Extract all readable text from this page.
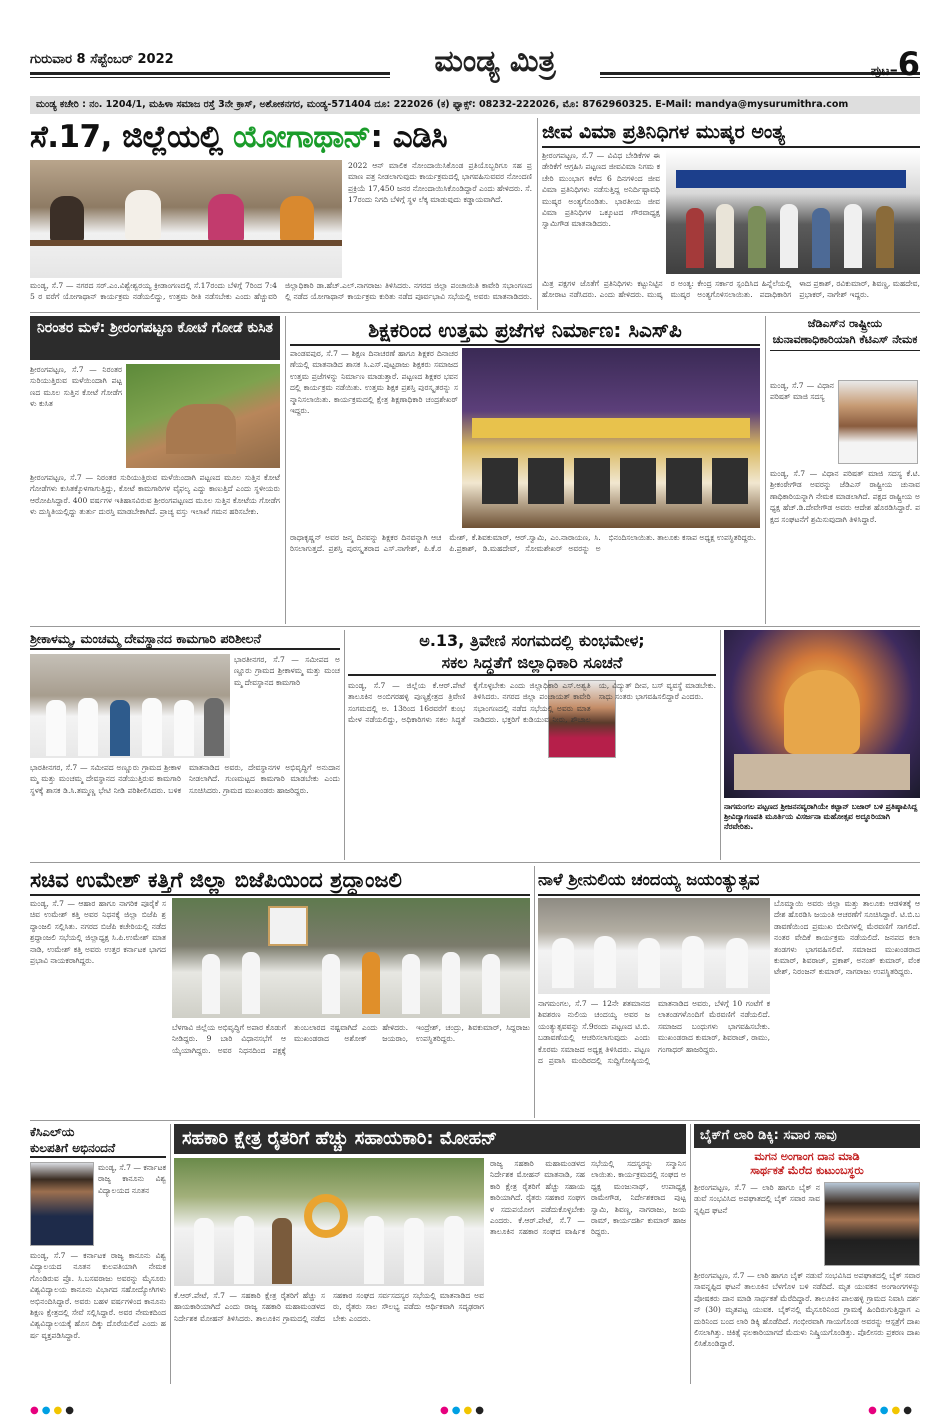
ಗುರುವಾರ 8 ಸೆಪ್ಟೆಂಬರ್ 2022	ಮಂಡ್ಯ ಮಿತ್ರ	ಪುಟ–6
ಮಂಡ್ಯ ಕಚೇರಿ : ನಂ. 1204/1, ಮಹಿಳಾ ಸಮಾಜ ರಸ್ತೆ 3ನೇ ಕ್ರಾಸ್, ಅಶೋಕನಗರ, ಮಂಡ್ಯ-571404 ದೂ: 222026 (ಕ) ಫ್ಯಾಕ್ಸ್: 08232-222026, ಮೊ: 8762960325. E-Mail: mandya@mysurumithra.com
ಸೆ.17, ಜಿಲ್ಲೆಯಲ್ಲಿ ಯೋಗಾಥಾನ್: ಎಡಿಸಿ
2022 ಆನ್ ಮಾಲಿಕ ನೋಂದಾಯಿಸಿಕೊಂಡ ಪ್ರತಿಯೊಬ್ಬರಿಗೂ ಸಹ ಪ್ರಮಾಣ ಪತ್ರ ನೀಡಲಾಗುವುದು ಕಾರ್ಯಕ್ರಮದಲ್ಲಿ ಭಾಗವಹಿಸುವವರ ನೋಂದಣಿ ಪ್ರಕ್ರಿಯೆ 17,450 ಜನರ ನೋಂದಾಯಿಸಿಕೊಂಡಿದ್ದಾರೆ ಎಂದು ಹೇಳಿದರು. ಸೆ. 17ರಂದು ನಿಗದಿ ಬೆಳಿಗ್ಗೆ ಸ್ಥಳ ಲೆಕ್ಕ ಮಾಡುವುದು ಕಡ್ಡಾಯವಾಗಿದೆ.
ಮಂಡ್ಯ, ಸೆ.7 — ನಗರದ ಸರ್.ಎಂ.ವಿಶ್ವೇಶ್ವರಯ್ಯ ಕ್ರೀಡಾಂಗಣದಲ್ಲಿ ಸೆ.17ರಂದು ಬೆಳಿಗ್ಗೆ 7ರಿಂದ 7:45 ರ ವರೆಗೆ ಯೋಗಾಥಾನ್ ಕಾರ್ಯಕ್ರಮ ನಡೆಯಲಿದ್ದು, ಉತ್ತಮ ರೀತಿ ನಡೆಸಬೇಕು ಎಂದು ಹೆಚ್ಚುವರಿ ಜಿಲ್ಲಾಧಿಕಾರಿ ಡಾ.ಹೆಚ್.ಎಲ್.ನಾಗರಾಜು ತಿಳಿಸಿದರು. ನಗರದ ಜಿಲ್ಲಾ ಪಂಚಾಯಿತಿ ಕಾವೇರಿ ಸಭಾಂಗಣದಲ್ಲಿ ನಡೆದ ಯೋಗಾಥಾನ್ ಕಾರ್ಯಕ್ರಮ ಕುರಿತು ನಡೆದ ಪೂರ್ವಭಾವಿ ಸಭೆಯಲ್ಲಿ ಅವರು ಮಾತನಾಡಿದರು.
ಜೀವ ವಿಮಾ ಪ್ರತಿನಿಧಿಗಳ ಮುಷ್ಕರ ಅಂತ್ಯ
ಶ್ರೀರಂಗಪಟ್ಟಣ, ಸೆ.7 — ವಿವಿಧ ಬೇಡಿಕೆಗಳ ಈಡೇರಿಕೆಗೆ ಆಗ್ರಹಿಸಿ ಪಟ್ಟಣದ ಜೀವವಿಮಾ ನಿಗಮ ಕಚೇರಿ ಮುಂಭಾಗ ಕಳೆದ 6 ದಿನಗಳಿಂದ ಜೀವ ವಿಮಾ ಪ್ರತಿನಿಧಿಗಳು ನಡೆಸುತ್ತಿದ್ದ ಅನಿರ್ದಿಷ್ಟಾವಧಿ ಮುಷ್ಕರ ಅಂತ್ಯಗೊಂಡಿತು. ಭಾರತೀಯ ಜೀವ ವಿಮಾ ಪ್ರತಿನಿಧಿಗಳ ಒಕ್ಕೂಟದ ಗೌರವಾಧ್ಯಕ್ಷ ಸ್ವಾಮಿಗೌಡ ಮಾತನಾಡಿದರು.
ಮಿತ್ರ ಪಕ್ಷಗಳ ಜೊತೆಗೆ ಪ್ರತಿನಿಧಿಗಳು ಕಟ್ಟುನಿಟ್ಟಿನ ಹೋರಾಟ ನಡೆಸಿದರು. ಎಂದು ಹೇಳಿದರು. ಮುಷ್ಕರ ಅಂತ್ಯ: ಕೇಂದ್ರ ಸರ್ಕಾರ ಸ್ಪಂದಿಸಿದ ಹಿನ್ನೆಲೆಯಲ್ಲಿ ಮುಷ್ಕರ ಅಂತ್ಯಗೊಳಿಸಲಾಯಿತು. ಪದಾಧಿಕಾರಿಗಳಾದ ಪ್ರಕಾಶ್, ರವಿಕುಮಾರ್, ಶಿವಣ್ಣ, ಮಹದೇವ, ಪ್ರಭಾಕರ್, ನಾಗೇಶ್ ಇದ್ದರು.
ನಿರಂತರ ಮಳೆ: ಶ್ರೀರಂಗಪಟ್ಟಣ ಕೋಟೆ ಗೋಡೆ ಕುಸಿತ
ಶ್ರೀರಂಗಪಟ್ಟಣ, ಸೆ.7 — ನಿರಂತರ ಸುರಿಯುತ್ತಿರುವ ಮಳೆಯಿಂದಾಗಿ ಪಟ್ಟಣದ ಮೂಲ ಸುತ್ತಿನ ಕೋಟೆ ಗೋಡೆಗಳು ಕುಸಿತ
ಶ್ರೀರಂಗಪಟ್ಟಣ, ಸೆ.7 — ನಿರಂತರ ಸುರಿಯುತ್ತಿರುವ ಮಳೆಯಿಂದಾಗಿ ಪಟ್ಟಣದ ಮೂಲ ಸುತ್ತಿನ ಕೋಟೆ ಗೋಡೆಗಳು ಕುಸಿತಕ್ಕೊಳಗಾಗುತ್ತಿದ್ದು, ಕೋಟೆ ಕಾಮಗಾರಿಗಳ ವೈಫಲ್ಯ ಎದ್ದು ಕಾಣುತ್ತಿದೆ ಎಂದು ಸ್ಥಳೀಯರು ಆರೋಪಿಸಿದ್ದಾರೆ. 400 ವರ್ಷಗಳ ಇತಿಹಾಸವಿರುವ ಶ್ರೀರಂಗಪಟ್ಟಣದ ಮೂಲ ಸುತ್ತಿನ ಕೋಟೆಯ ಗೋಡೆಗಳು ದುಸ್ಥಿತಿಯಲ್ಲಿದ್ದು ತುರ್ತು ದುರಸ್ತಿ ಮಾಡಬೇಕಾಗಿದೆ. ಪ್ರಾಚ್ಯ ವಸ್ತು ಇಲಾಖೆ ಗಮನ ಹರಿಸಬೇಕು.
ಶಿಕ್ಷಕರಿಂದ ಉತ್ತಮ ಪ್ರಜೆಗಳ ನಿರ್ಮಾಣ: ಸಿಎಸ್‌ಪಿ
ಪಾಂಡವಪುರ, ಸೆ.7 — ಶಿಕ್ಷಣ ದಿನಾಚರಣೆ ಹಾಗೂ ಶಿಕ್ಷಕರ ದಿನಾಚರಣೆಯಲ್ಲಿ ಮಾತನಾಡಿದ ಶಾಸಕ ಸಿ.ಎಸ್.ಪುಟ್ಟರಾಜು ಶಿಕ್ಷಕರು ಸಮಾಜದ ಉತ್ತಮ ಪ್ರಜೆಗಳನ್ನು ನಿರ್ಮಾಣ ಮಾಡುತ್ತಾರೆ. ಪಟ್ಟಣದ ಶಿಕ್ಷಕರ ಭವನದಲ್ಲಿ ಕಾರ್ಯಕ್ರಮ ನಡೆಯಿತು. ಉತ್ತಮ ಶಿಕ್ಷಕ ಪ್ರಶಸ್ತಿ ಪುರಸ್ಕೃತರನ್ನು ಸನ್ಮಾನಿಸಲಾಯಿತು. ಕಾರ್ಯಕ್ರಮದಲ್ಲಿ ಕ್ಷೇತ್ರ ಶಿಕ್ಷಣಾಧಿಕಾರಿ ಚಂದ್ರಶೇಖರ್ ಇದ್ದರು.
ರಾಧಾಕೃಷ್ಣನ್ ಅವರ ಜನ್ಮ ದಿನವನ್ನು ಶಿಕ್ಷಕರ ದಿನವನ್ನಾಗಿ ಆಚರಿಸಲಾಗುತ್ತದೆ. ಪ್ರಶಸ್ತಿ ಪುರಸ್ಕೃತರಾದ ಎಸ್.ನಾಗೇಶ್, ಪಿ.ಕೆ.ರಮೇಶ್, ಕೆ.ಶಿವಕುಮಾರ್, ಆರ್.ಸ್ವಾಮಿ, ಎಂ.ನಾರಾಯಣ, ಸಿ.ಪಿ.ಪ್ರಕಾಶ್, ಡಿ.ಮಹದೇವ್, ಸೋಮಶೇಖರ್ ಅವರನ್ನು ಅಭಿನಂದಿಸಲಾಯಿತು. ತಾಲೂಕು ಕಸಾಪ ಅಧ್ಯಕ್ಷ ಉಪಸ್ಥಿತರಿದ್ದರು.
ಜೆಡಿಎಸ್‌ನ ರಾಷ್ಟ್ರೀಯ ಚುನಾವಣಾಧಿಕಾರಿಯಾಗಿ ಕೆಟಿಎಸ್ ನೇಮಕ
ಮಂಡ್ಯ, ಸೆ.7 — ವಿಧಾನ ಪರಿಷತ್ ಮಾಜಿ ಸದಸ್ಯ
ಮಂಡ್ಯ, ಸೆ.7 — ವಿಧಾನ ಪರಿಷತ್ ಮಾಜಿ ಸದಸ್ಯ ಕೆ.ಟಿ.ಶ್ರೀಕಂಠೇಗೌಡ ಅವರನ್ನು ಜೆಡಿಎಸ್ ರಾಷ್ಟ್ರೀಯ ಚುನಾವಣಾಧಿಕಾರಿಯನ್ನಾಗಿ ನೇಮಕ ಮಾಡಲಾಗಿದೆ. ಪಕ್ಷದ ರಾಷ್ಟ್ರೀಯ ಅಧ್ಯಕ್ಷ ಹೆಚ್.ಡಿ.ದೇವೇಗೌಡ ಅವರು ಆದೇಶ ಹೊರಡಿಸಿದ್ದಾರೆ. ಪಕ್ಷದ ಸಂಘಟನೆಗೆ ಶ್ರಮಿಸುವುದಾಗಿ ತಿಳಿಸಿದ್ದಾರೆ.
ಶ್ರೀಕಾಳಮ್ಮ, ಮಂಚಮ್ಮ ದೇವಸ್ಥಾನದ ಕಾಮಗಾರಿ ಪರಿಶೀಲನೆ
ಭಾರತೀನಗರ, ಸೆ.7 — ಸಮೀಪದ ಅಣ್ಣೂರು ಗ್ರಾಮದ ಶ್ರೀಕಾಳಮ್ಮ ಮತ್ತು ಮಂಚಮ್ಮ ದೇವಸ್ಥಾನದ ಕಾಮಗಾರಿ
ಭಾರತೀನಗರ, ಸೆ.7 — ಸಮೀಪದ ಅಣ್ಣೂರು ಗ್ರಾಮದ ಶ್ರೀಕಾಳಮ್ಮ ಮತ್ತು ಮಂಚಮ್ಮ ದೇವಸ್ಥಾನದ ನಡೆಯುತ್ತಿರುವ ಕಾಮಗಾರಿ ಸ್ಥಳಕ್ಕೆ ಶಾಸಕ ಡಿ.ಸಿ.ತಮ್ಮಣ್ಣ ಭೇಟಿ ನೀಡಿ ಪರಿಶೀಲಿಸಿದರು. ಬಳಿಕ ಮಾತನಾಡಿದ ಅವರು, ದೇವಸ್ಥಾನಗಳ ಅಭಿವೃದ್ಧಿಗೆ ಅನುದಾನ ನೀಡಲಾಗಿದೆ. ಗುಣಮಟ್ಟದ ಕಾಮಗಾರಿ ಮಾಡಬೇಕು ಎಂದು ಸೂಚಿಸಿದರು. ಗ್ರಾಮದ ಮುಖಂಡರು ಹಾಜರಿದ್ದರು.
ಅ.13, ತ್ರಿವೇಣಿ ಸಂಗಮದಲ್ಲಿ ಕುಂಭಮೇಳ;
ಸಕಲ ಸಿದ್ಧತೆಗೆ ಜಿಲ್ಲಾಧಿಕಾರಿ ಸೂಚನೆ
ಮಂಡ್ಯ, ಸೆ.7 — ಜಿಲ್ಲೆಯ ಕೆ.ಆರ್.ಪೇಟೆ ತಾಲೂಕಿನ ಅಂಬಿಗರಹಳ್ಳಿ ಪುಣ್ಯಕ್ಷೇತ್ರದ ತ್ರಿವೇಣಿ ಸಂಗಮದಲ್ಲಿ ಅ. 13ರಿಂದ 16ರವರೆಗೆ ಕುಂಭಮೇಳ ನಡೆಯಲಿದ್ದು, ಅಧಿಕಾರಿಗಳು ಸಕಲ ಸಿದ್ಧತೆ ಕೈಗೊಳ್ಳಬೇಕು ಎಂದು ಜಿಲ್ಲಾಧಿಕಾರಿ ಎಸ್.ಅಶ್ವತಿ ತಿಳಿಸಿದರು. ನಗರದ ಜಿಲ್ಲಾ ಪಂಚಾಯತ್ ಕಾವೇರಿ ಸಭಾಂಗಣದಲ್ಲಿ ನಡೆದ ಸಭೆಯಲ್ಲಿ ಅವರು ಮಾತನಾಡಿದರು. ಭಕ್ತರಿಗೆ ಕುಡಿಯುವ ನೀರು, ಶೌಚಾಲಯ, ವಿದ್ಯುತ್ ದೀಪ, ಬಸ್ ವ್ಯವಸ್ಥೆ ಮಾಡಬೇಕು. ಸಾಧು ಸಂತರು ಭಾಗವಹಿಸಲಿದ್ದಾರೆ ಎಂದರು.
ನಾಗಮಂಗಲ ಪಟ್ಟಣದ ಶ್ರೀಜನನವ್ಯರಾಗಿಯೇ ಕಟ್ಟಾನ್ ಬಜಾರ್ ಬಳಿ ಪ್ರತಿಷ್ಠಾಪಿಸಿದ್ದ ಶ್ರೀವಿದ್ಯಾಗಣಪತಿ ಮೂರ್ತಿಯ ವಿಸರ್ಜನಾ ಮಹೋತ್ಸವ ಅದ್ಧೂರಿಯಾಗಿ ನೆರವೇರಿತು.
ಸಚಿವ ಉಮೇಶ್ ಕತ್ತಿಗೆ ಜಿಲ್ಲಾ ಬಿಜೆಪಿಯಿಂದ ಶ್ರದ್ಧಾಂಜಲಿ
ಮಂಡ್ಯ, ಸೆ.7 — ಆಹಾರ ಹಾಗೂ ನಾಗರಿಕ ಪೂರೈಕೆ ಸಚಿವ ಉಮೇಶ್ ಕತ್ತಿ ಅವರ ನಿಧನಕ್ಕೆ ಜಿಲ್ಲಾ ಬಿಜೆಪಿ ಶ್ರದ್ಧಾಂಜಲಿ ಸಲ್ಲಿಸಿತು. ನಗರದ ಬಿಜೆಪಿ ಕಚೇರಿಯಲ್ಲಿ ನಡೆದ ಶ್ರದ್ಧಾಂಜಲಿ ಸಭೆಯಲ್ಲಿ ಜಿಲ್ಲಾಧ್ಯಕ್ಷ ಸಿ.ಪಿ.ಉಮೇಶ್ ಮಾತನಾಡಿ, ಉಮೇಶ್ ಕತ್ತಿ ಅವರು ಉತ್ತರ ಕರ್ನಾಟಕ ಭಾಗದ ಪ್ರಭಾವಿ ನಾಯಕರಾಗಿದ್ದರು.
ಬೆಳಗಾವಿ ಜಿಲ್ಲೆಯ ಅಭಿವೃದ್ಧಿಗೆ ಅಪಾರ ಕೊಡುಗೆ ನೀಡಿದ್ದರು. 9 ಬಾರಿ ವಿಧಾನಸಭೆಗೆ ಆಯ್ಕೆಯಾಗಿದ್ದರು. ಅವರ ನಿಧನದಿಂದ ಪಕ್ಷಕ್ಕೆ ತುಂಬಲಾರದ ನಷ್ಟವಾಗಿದೆ ಎಂದು ಹೇಳಿದರು. ಮುಖಂಡರಾದ ಅಶೋಕ್ ಜಯರಾಂ, ಇಂದ್ರೇಶ್, ಚಂದ್ರು, ಶಿವಕುಮಾರ್, ಸಿದ್ದರಾಜು ಉಪಸ್ಥಿತರಿದ್ದರು.
ನಾಳೆ ಶ್ರೀನುಲಿಯ ಚಂದಯ್ಯ ಜಯಂತ್ಯುತ್ಸವ
ಬೊಮ್ಮಾಯಿ ಅವರು ಜಿಲ್ಲಾ ಮತ್ತು ತಾಲೂಕು ಆಡಳಿತಕ್ಕೆ ಆದೇಶ ಹೊರಡಿಸಿ ಜಯಂತಿ ಆಚರಣೆಗೆ ಸೂಚಿಸಿದ್ದಾರೆ. ಟಿ.ಬಿ.ಬಡಾವಣೆಯಿಂದ ಪ್ರಮುಖ ಬೀದಿಗಳಲ್ಲಿ ಮೆರವಣಿಗೆ ಸಾಗಲಿದೆ. ನಂತರ ವೇದಿಕೆ ಕಾರ್ಯಕ್ರಮ ನಡೆಯಲಿದೆ. ಜನಪದ ಕಲಾ ತಂಡಗಳು ಭಾಗವಹಿಸಲಿವೆ. ಸಮಾಜದ ಮುಖಂಡರಾದ ಕುಮಾರ್, ಶಿವರಾಜ್, ಪ್ರಕಾಶ್, ಅನಂತ್ ಕುಮಾರ್, ವೆಂಕಟೇಶ್, ನಿರಂಜನ್ ಕುಮಾರ್, ನಾಗರಾಜು ಉಪಸ್ಥಿತರಿದ್ದರು.
ನಾಗಮಂಗಲ, ಸೆ.7 — 12ನೇ ಶತಮಾನದ ಶಿವಶರಣ ನುಲಿಯ ಚಂದಯ್ಯ ಅವರ ಜಯಂತ್ಯುತ್ಸವವನ್ನು ಸೆ.9ರಂದು ಪಟ್ಟಣದ ಟಿ.ಬಿ.ಬಡಾವಣೆಯಲ್ಲಿ ಆಚರಿಸಲಾಗುವುದು ಎಂದು ಕೊರಮ ಸಮಾಜದ ಅಧ್ಯಕ್ಷ ತಿಳಿಸಿದರು. ಪಟ್ಟಣದ ಪ್ರವಾಸಿ ಮಂದಿರದಲ್ಲಿ ಸುದ್ದಿಗೋಷ್ಠಿಯಲ್ಲಿ ಮಾತನಾಡಿದ ಅವರು, ಬೆಳಿಗ್ಗೆ 10 ಗಂಟೆಗೆ ಕಲಾತಂಡಗಳೊಂದಿಗೆ ಮೆರವಣಿಗೆ ನಡೆಯಲಿದೆ. ಸಮಾಜದ ಬಂಧುಗಳು ಭಾಗವಹಿಸಬೇಕು. ಮುಖಂಡರಾದ ಕುಮಾರ್, ಶಿವರಾಜ್, ರಾಮು, ಗಂಗಾಧರ್ ಹಾಜರಿದ್ದರು.
ಕೆಸಿಎಲ್‌ಯ
ಕುಲಪತಿಗೆ ಅಭಿನಂದನೆ
ಮಂಡ್ಯ, ಸೆ.7 — ಕರ್ನಾಟಕ ರಾಜ್ಯ ಕಾನೂನು ವಿಶ್ವವಿದ್ಯಾಲಯದ ನೂತನ
ಮಂಡ್ಯ, ಸೆ.7 — ಕರ್ನಾಟಕ ರಾಜ್ಯ ಕಾನೂನು ವಿಶ್ವವಿದ್ಯಾಲಯದ ನೂತನ ಕುಲಪತಿಯಾಗಿ ನೇಮಕಗೊಂಡಿರುವ ಪ್ರೊ. ಸಿ.ಬಸವರಾಜು ಅವರನ್ನು ಮೈಸೂರು ವಿಶ್ವವಿದ್ಯಾಲಯ ಕಾನೂನು ವಿಭಾಗದ ಸಹೋದ್ಯೋಗಿಗಳು ಅಭಿನಂದಿಸಿದ್ದಾರೆ. ಅವರು ಬಹಳ ವರ್ಷಗಳಿಂದ ಕಾನೂನು ಶಿಕ್ಷಣ ಕ್ಷೇತ್ರದಲ್ಲಿ ಸೇವೆ ಸಲ್ಲಿಸಿದ್ದಾರೆ. ಅವರ ನೇಮಕದಿಂದ ವಿಶ್ವವಿದ್ಯಾಲಯಕ್ಕೆ ಹೊಸ ದಿಕ್ಕು ದೊರೆಯಲಿದೆ ಎಂದು ಹರ್ಷ ವ್ಯಕ್ತಪಡಿಸಿದ್ದಾರೆ.
ಸಹಕಾರಿ ಕ್ಷೇತ್ರ ರೈತರಿಗೆ ಹೆಚ್ಚು ಸಹಾಯಕಾರಿ: ಮೋಹನ್
ರಾಜ್ಯ ಸಹಕಾರಿ ಮಹಾಮಂಡಳದ ನಿರ್ದೇಶಕ ಮೋಹನ್ ಮಾತನಾಡಿ, ಸಹಕಾರಿ ಕ್ಷೇತ್ರ ರೈತರಿಗೆ ಹೆಚ್ಚು ಸಹಾಯಕಾರಿಯಾಗಿದೆ. ರೈತರು ಸಹಕಾರ ಸಂಘಗಳ ಸದುಪಯೋಗ ಪಡೆದುಕೊಳ್ಳಬೇಕು ಎಂದರು. ಕೆ.ಆರ್.ಪೇಟೆ, ಸೆ.7 — ತಾಲೂಕಿನ ಸಹಕಾರ ಸಂಘದ ವಾರ್ಷಿಕ ಸಭೆಯಲ್ಲಿ ಸದಸ್ಯರನ್ನು ಸನ್ಮಾನಿಸಲಾಯಿತು. ಕಾರ್ಯಕ್ರಮದಲ್ಲಿ ಸಂಘದ ಅಧ್ಯಕ್ಷ ಮಂಜುನಾಥ್, ಉಪಾಧ್ಯಕ್ಷ ರಾಮೇಗೌಡ, ನಿರ್ದೇಶಕರಾದ ಪುಟ್ಟಸ್ವಾಮಿ, ಶಿವಣ್ಣ, ನಾಗರಾಜು, ಜಯರಾಮ್, ಕಾರ್ಯದರ್ಶಿ ಕುಮಾರ್ ಹಾಜರಿದ್ದರು.
ಕೆ.ಆರ್.ಪೇಟೆ, ಸೆ.7 — ಸಹಕಾರಿ ಕ್ಷೇತ್ರ ರೈತರಿಗೆ ಹೆಚ್ಚು ಸಹಾಯಕಾರಿಯಾಗಿದೆ ಎಂದು ರಾಜ್ಯ ಸಹಕಾರಿ ಮಹಾಮಂಡಳದ ನಿರ್ದೇಶಕ ಮೋಹನ್ ತಿಳಿಸಿದರು. ತಾಲೂಕಿನ ಗ್ರಾಮದಲ್ಲಿ ನಡೆದ ಸಹಕಾರ ಸಂಘದ ಸರ್ವಸದಸ್ಯರ ಸಭೆಯಲ್ಲಿ ಮಾತನಾಡಿದ ಅವರು, ರೈತರು ಸಾಲ ಸೌಲಭ್ಯ ಪಡೆದು ಆರ್ಥಿಕವಾಗಿ ಸದೃಢರಾಗಬೇಕು ಎಂದರು.
ಬೈಕ್‌ಗೆ ಲಾರಿ ಡಿಕ್ಕಿ: ಸವಾರ ಸಾವು
ಮಗನ ಅಂಗಾಂಗ ದಾನ ಮಾಡಿ
ಸಾರ್ಥಕತೆ ಮೆರೆದ ಕುಟುಂಬಸ್ಥರು
ಶ್ರೀರಂಗಪಟ್ಟಣ, ಸೆ.7 — ಲಾರಿ ಹಾಗೂ ಬೈಕ್ ನಡುವೆ ಸಂಭವಿಸಿದ ಅಪಘಾತದಲ್ಲಿ ಬೈಕ್ ಸವಾರ ಸಾವನ್ನಪ್ಪಿದ ಘಟನೆ
ಶ್ರೀರಂಗಪಟ್ಟಣ, ಸೆ.7 — ಲಾರಿ ಹಾಗೂ ಬೈಕ್ ನಡುವೆ ಸಂಭವಿಸಿದ ಅಪಘಾತದಲ್ಲಿ ಬೈಕ್ ಸವಾರ ಸಾವನ್ನಪ್ಪಿದ ಘಟನೆ ತಾಲೂಕಿನ ಬೆಳಗೊಳ ಬಳಿ ನಡೆದಿದೆ. ಮೃತ ಯುವಕನ ಅಂಗಾಂಗಗಳನ್ನು ಪೋಷಕರು ದಾನ ಮಾಡಿ ಸಾರ್ಥಕತೆ ಮೆರೆದಿದ್ದಾರೆ. ತಾಲೂಕಿನ ಪಾಲಹಳ್ಳಿ ಗ್ರಾಮದ ನಿವಾಸಿ ದರ್ಶನ್ (30) ಮೃತಪಟ್ಟ ಯುವಕ. ಬೈಕ್‌ನಲ್ಲಿ ಮೈಸೂರಿನಿಂದ ಗ್ರಾಮಕ್ಕೆ ಹಿಂದಿರುಗುತ್ತಿದ್ದಾಗ ಎದುರಿನಿಂದ ಬಂದ ಲಾರಿ ಡಿಕ್ಕಿ ಹೊಡೆದಿದೆ. ಗಂಭೀರವಾಗಿ ಗಾಯಗೊಂಡ ಅವರನ್ನು ಆಸ್ಪತ್ರೆಗೆ ದಾಖಲಿಸಲಾಗಿತ್ತು. ಚಿಕಿತ್ಸೆ ಫಲಕಾರಿಯಾಗದೆ ಮೆದುಳು ನಿಷ್ಕ್ರಿಯಗೊಂಡಿತ್ತು. ಪೊಲೀಸರು ಪ್ರಕರಣ ದಾಖಲಿಸಿಕೊಂಡಿದ್ದಾರೆ.
●●●●	●●●●	●●●●
